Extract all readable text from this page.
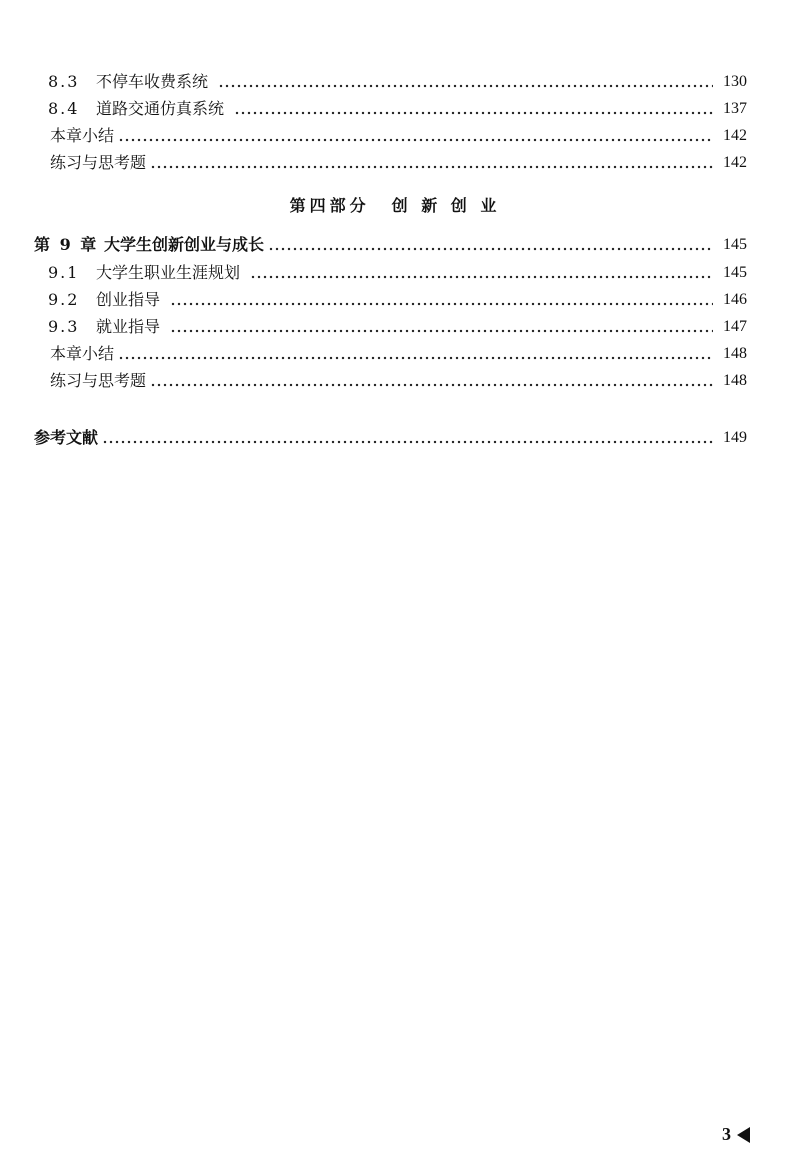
8.3	不停车收费系统	130
8.4	道路交通仿真系统	137
本章小结	142
练习与思考题	142
第四部分 创 新 创 业
第 9 章 大学生创新创业与成长	145
9.1	大学生职业生涯规划	145
9.2	创业指导	146
9.3	就业指导	147
本章小结	148
练习与思考题	148
参考文献	149
3
